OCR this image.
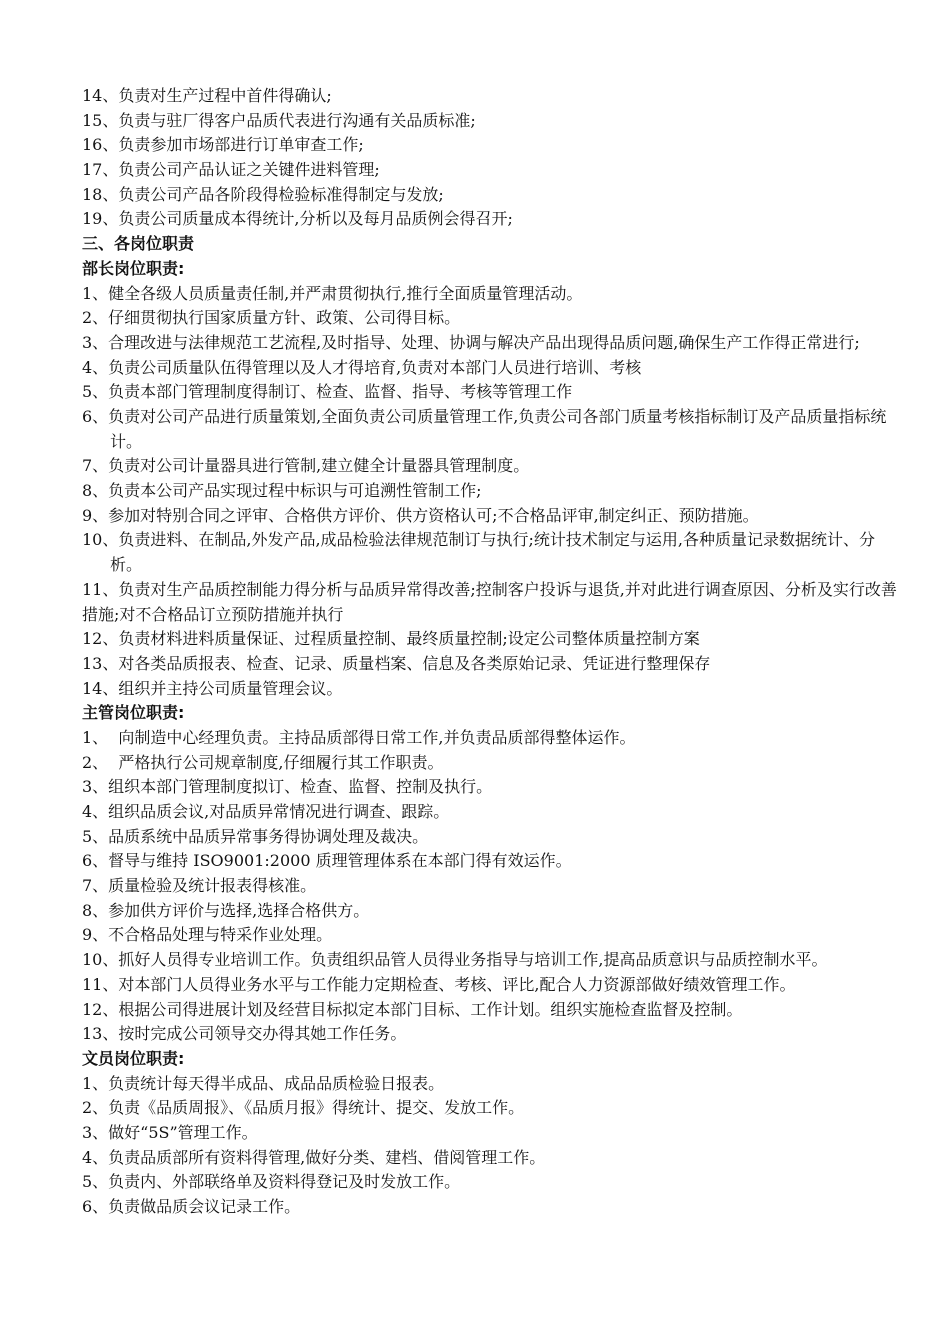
14、负责对生产过程中首件得确认;

15、负责与驻厂得客户品质代表进行沟通有关品质标准;

16、负责参加市场部进行订单审查工作;

17、负责公司产品认证之关键件进料管理;

18、负责公司产品各阶段得检验标准得制定与发放;

19、负责公司质量成本得统计,分析以及每月品质例会得召开;

三、各岗位职责

部长岗位职责:

1、健全各级人员质量责任制,并严肃贯彻执行,推行全面质量管理活动。

2、仔细贯彻执行国家质量方针、政策、公司得目标。

3、合理改进与法律规范工艺流程,及时指导、处理、协调与解决产品出现得品质问题,确保生产工作得正常进行;

4、负责公司质量队伍得管理以及人才得培育,负责对本部门人员进行培训、考核

5、负责本部门管理制度得制订、检查、监督、指导、考核等管理工作

6、负责对公司产品进行质量策划,全面负责公司质量管理工作,负责公司各部门质量考核指标制订及产品质量指标统计。

7、负责对公司计量器具进行管制,建立健全计量器具管理制度。

8、负责本公司产品实现过程中标识与可追溯性管制工作;

9、参加对特别合同之评审、合格供方评价、供方资格认可;不合格品评审,制定纠正、预防措施。

10、负责进料、在制品,外发产品,成品检验法律规范制订与执行;统计技术制定与运用,各种质量记录数据统计、分析。

11、负责对生产品质控制能力得分析与品质异常得改善;控制客户投诉与退货,并对此进行调查原因、分析及实行改善措施;对不合格品订立预防措施并执行

12、负责材料进料质量保证、过程质量控制、最终质量控制;设定公司整体质量控制方案

13、对各类品质报表、检查、记录、质量档案、信息及各类原始记录、凭证进行整理保存

14、组织并主持公司质量管理会议。

主管岗位职责:

1、  向制造中心经理负责。主持品质部得日常工作,并负责品质部得整体运作。

2、  严格执行公司规章制度,仔细履行其工作职责。

3、组织本部门管理制度拟订、检查、监督、控制及执行。

4、组织品质会议,对品质异常情况进行调查、跟踪。

5、品质系统中品质异常事务得协调处理及裁决。

6、督导与维持 ISO9001:2000 质理管理体系在本部门得有效运作。

7、质量检验及统计报表得核准。

8、参加供方评价与选择,选择合格供方。

9、不合格品处理与特采作业处理。

10、抓好人员得专业培训工作。负责组织品管人员得业务指导与培训工作,提高品质意识与品质控制水平。

11、对本部门人员得业务水平与工作能力定期检查、考核、评比,配合人力资源部做好绩效管理工作。

12、根据公司得进展计划及经营目标拟定本部门目标、工作计划。组织实施检查监督及控制。

13、按时完成公司领导交办得其她工作任务。

文员岗位职责:

1、负责统计每天得半成品、成品品质检验日报表。

2、负责《品质周报》、《品质月报》得统计、提交、发放工作。

3、做好“5S”管理工作。

4、负责品质部所有资料得管理,做好分类、建档、借阅管理工作。

5、负责内、外部联络单及资料得登记及时发放工作。

6、负责做品质会议记录工作。
